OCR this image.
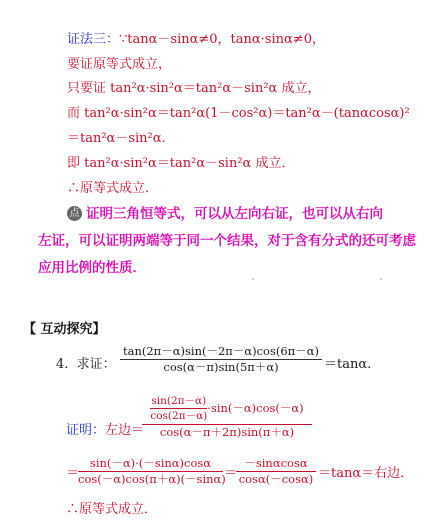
证法三：∵tanα－sinα≠0，tanα·sinα≠0，
要证原等式成立，
只要证 tan²α·sin²α＝tan²α－sin²α 成立，
而 tan²α·sin²α＝tan²α(1－cos²α)＝tan²α－(tanαcosα)²
＝tan²α－sin²α.
即 tan²α·sin²α＝tan²α－sin²α 成立．
∴原等式成立．
点 证明三角恒等式，可以从左向右证，也可以从右向
左证，可以证明两端等于同一个结果，对于含有分式的还可考虑
应用比例的性质．
【 互动探究】
4. 求证：
tan(2π－α)sin(－2π－α)cos(6π－α)
cos(α－π)sin(5π＋α)	＝tanα.
证明： 左边＝
$\frac{\sin(2\pi-\alpha)}{\cos(2\pi-\alpha)} \cdot\sin(-\alpha)\cos(-\alpha)$
cos(α－π＋2π)sin(π＋α)
＝
sin(－α)·(－sinα)cosα
cos(－α)cos(π＋α)(－sinα)
＝
－sinαcosα
cosα(－cosα) ＝tanα＝右边．
∴原等式成立．
